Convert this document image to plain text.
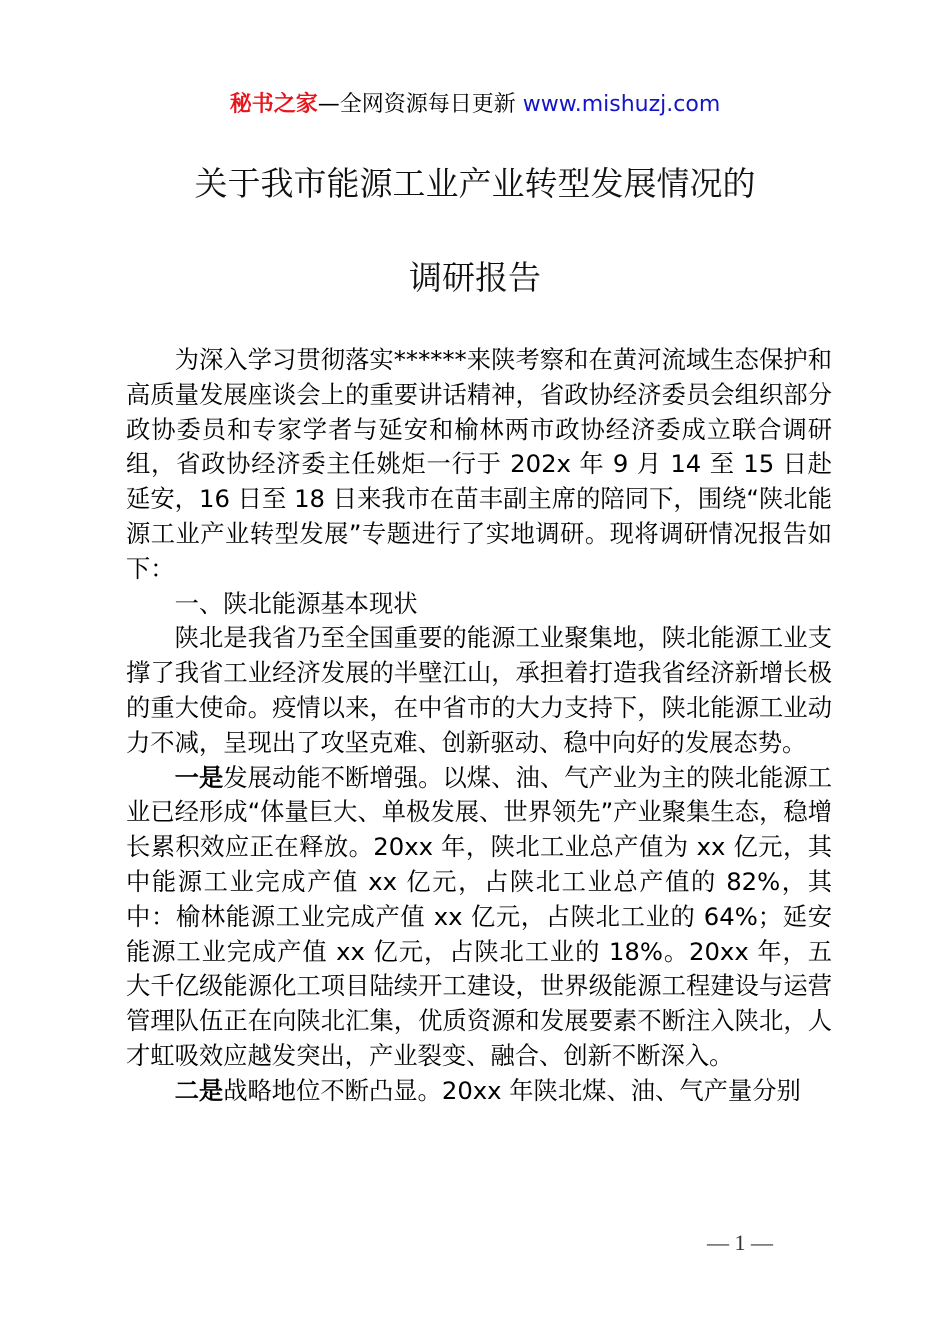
秘书之家—全网资源每日更新 www.mishuzj.com
关于我市能源工业产业转型发展情况的
调研报告

为深入学习贯彻落实******来陕考察和在黄河流域生态保护和高质量发展座谈会上的重要讲话精神，省政协经济委员会组织部分政协委员和专家学者与延安和榆林两市政协经济委成立联合调研组，省政协经济委主任姚炬一行于 202x 年 9 月 14 至 15 日赴延安，16 日至 18 日来我市在苗丰副主席的陪同下，围绕“陕北能源工业产业转型发展”专题进行了实地调研。现将调研情况报告如下：

一、陕北能源基本现状

陕北是我省乃至全国重要的能源工业聚集地，陕北能源工业支撑了我省工业经济发展的半壁江山，承担着打造我省经济新增长极的重大使命。疫情以来，在中省市的大力支持下，陕北能源工业动力不减，呈现出了攻坚克难、创新驱动、稳中向好的发展态势。

一是发展动能不断增强。以煤、油、气产业为主的陕北能源工业已经形成“体量巨大、单极发展、世界领先”产业聚集生态，稳增长累积效应正在释放。20xx 年，陕北工业总产值为 xx 亿元，其中能源工业完成产值 xx 亿元，占陕北工业总产值的 82%，其中：榆林能源工业完成产值 xx 亿元，占陕北工业的 64%；延安能源工业完成产值 xx 亿元，占陕北工业的 18%。20xx 年，五大千亿级能源化工项目陆续开工建设，世界级能源工程建设与运营管理队伍正在向陕北汇集，优质资源和发展要素不断注入陕北，人才虹吸效应越发突出，产业裂变、融合、创新不断深入。

二是战略地位不断凸显。20xx 年陕北煤、油、气产量分别

— 1 —
